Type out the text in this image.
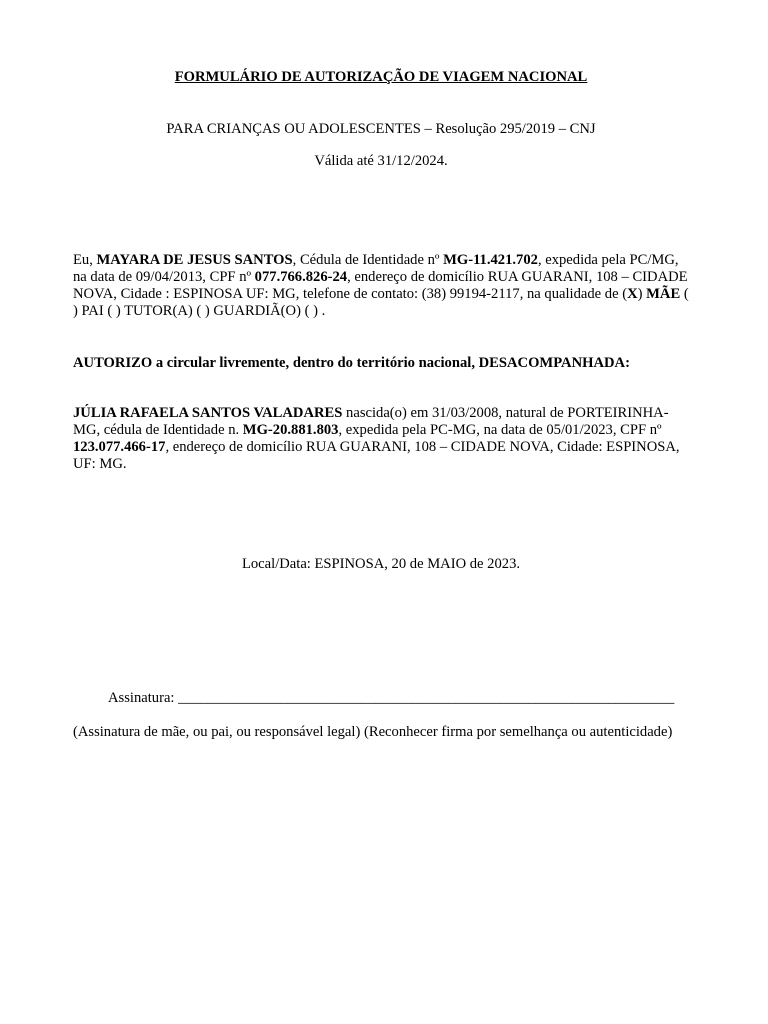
FORMULÁRIO DE AUTORIZAÇÃO DE VIAGEM NACIONAL
PARA CRIANÇAS OU ADOLESCENTES – Resolução 295/2019 – CNJ
Válida até 31/12/2024.
Eu, MAYARA DE JESUS SANTOS, Cédula de Identidade nº MG-11.421.702, expedida pela PC/MG, na data de 09/04/2013, CPF nº 077.766.826-24, endereço de domicílio RUA GUARANI, 108 – CIDADE NOVA, Cidade : ESPINOSA UF: MG, telefone de contato: (38) 99194-2117, na qualidade de (X) MÃE ( ) PAI ( ) TUTOR(A) ( ) GUARDIÃ(O) ( ) .
AUTORIZO a circular livremente, dentro do território nacional, DESACOMPANHADA:
JÚLIA RAFAELA SANTOS VALADARES nascida(o) em 31/03/2008, natural de PORTEIRINHA-MG, cédula de Identidade n. MG-20.881.803, expedida pela PC-MG, na data de 05/01/2023, CPF nº 123.077.466-17, endereço de domicílio RUA GUARANI, 108 – CIDADE NOVA, Cidade: ESPINOSA, UF: MG.
Local/Data: ESPINOSA, 20 de MAIO de 2023.
Assinatura: ____________________________________________________________________
(Assinatura de mãe, ou pai, ou responsável legal) (Reconhecer firma por semelhança ou autenticidade)
